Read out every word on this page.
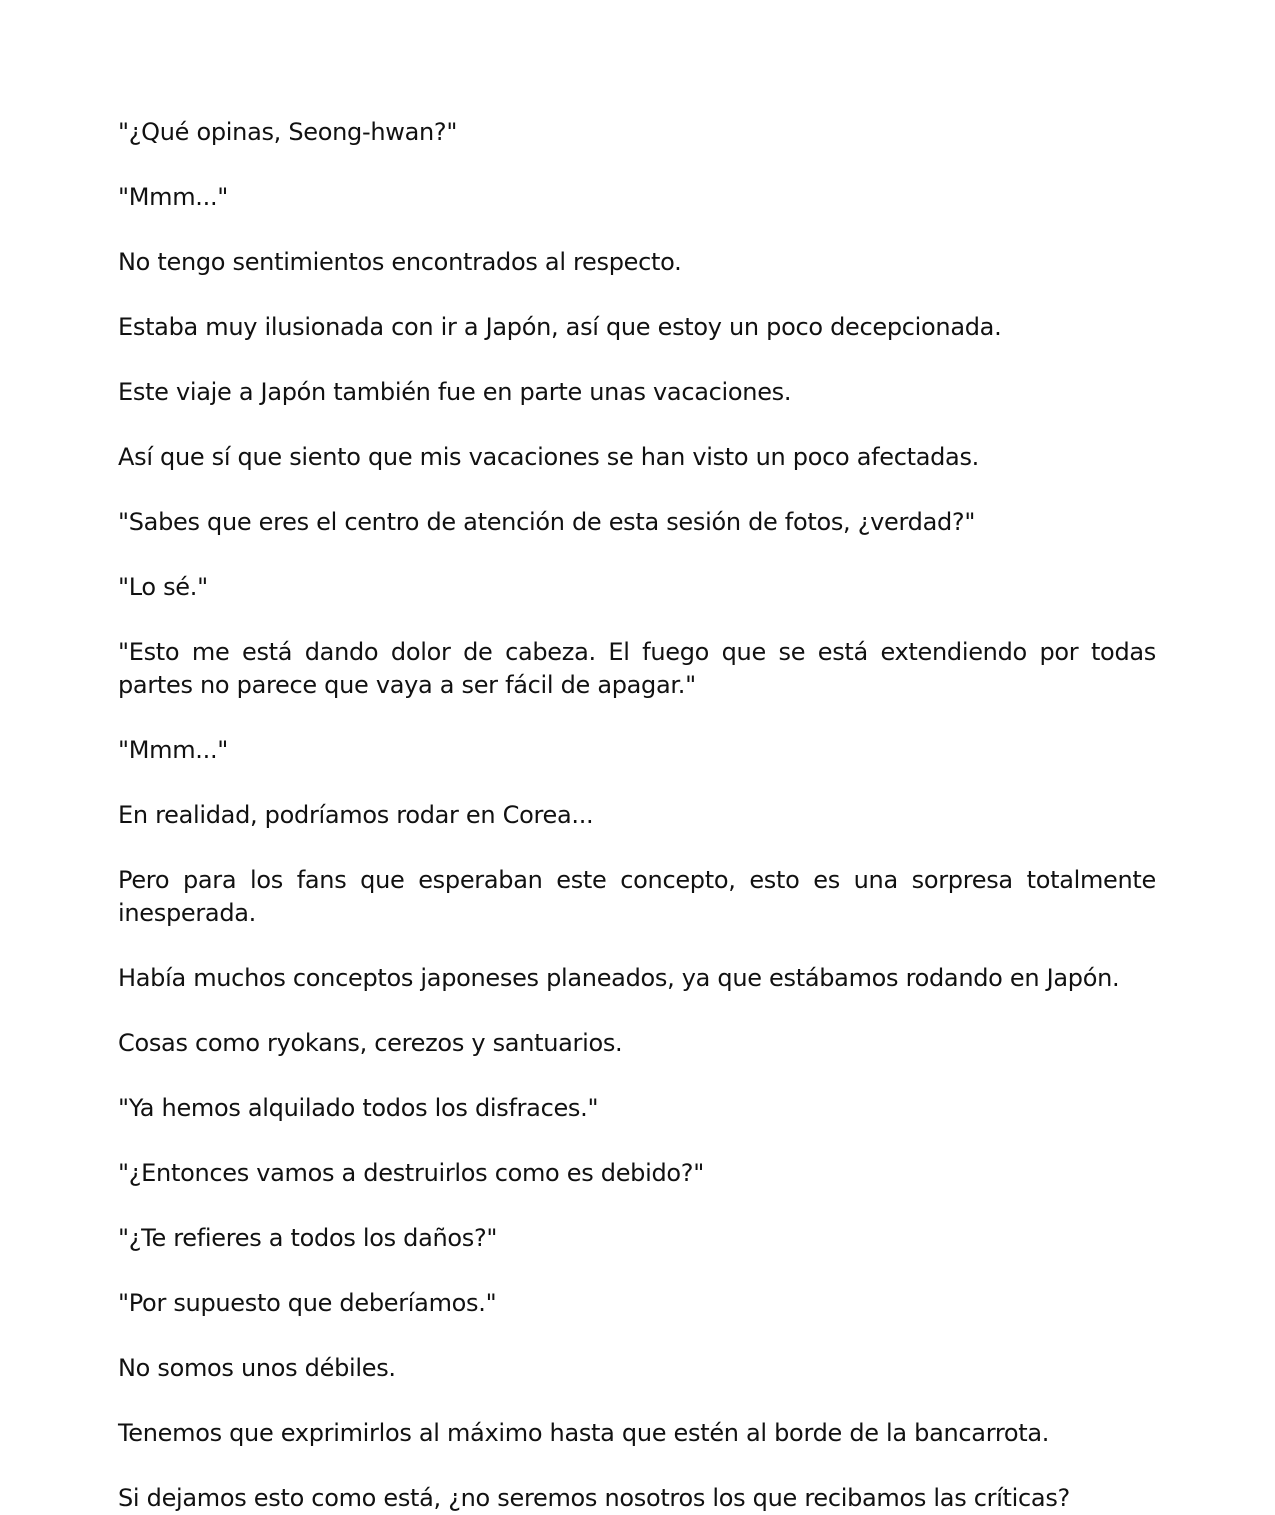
"¿Qué opinas, Seong-hwan?"

"Mmm..."

No tengo sentimientos encontrados al respecto.

Estaba muy ilusionada con ir a Japón, así que estoy un poco decepcionada.

Este viaje a Japón también fue en parte unas vacaciones.

Así que sí que siento que mis vacaciones se han visto un poco afectadas.

"Sabes que eres el centro de atención de esta sesión de fotos, ¿verdad?"

"Lo sé."

"Esto me está dando dolor de cabeza. El fuego que se está extendiendo por todas partes no parece que vaya a ser fácil de apagar."

"Mmm..."

En realidad, podríamos rodar en Corea...

Pero para los fans que esperaban este concepto, esto es una sorpresa totalmente inesperada.

Había muchos conceptos japoneses planeados, ya que estábamos rodando en Japón.

Cosas como ryokans, cerezos y santuarios.

"Ya hemos alquilado todos los disfraces."

"¿Entonces vamos a destruirlos como es debido?"

"¿Te refieres a todos los daños?"

"Por supuesto que deberíamos."

No somos unos débiles.

Tenemos que exprimirlos al máximo hasta que estén al borde de la bancarrota.

Si dejamos esto como está, ¿no seremos nosotros los que recibamos las críticas?
